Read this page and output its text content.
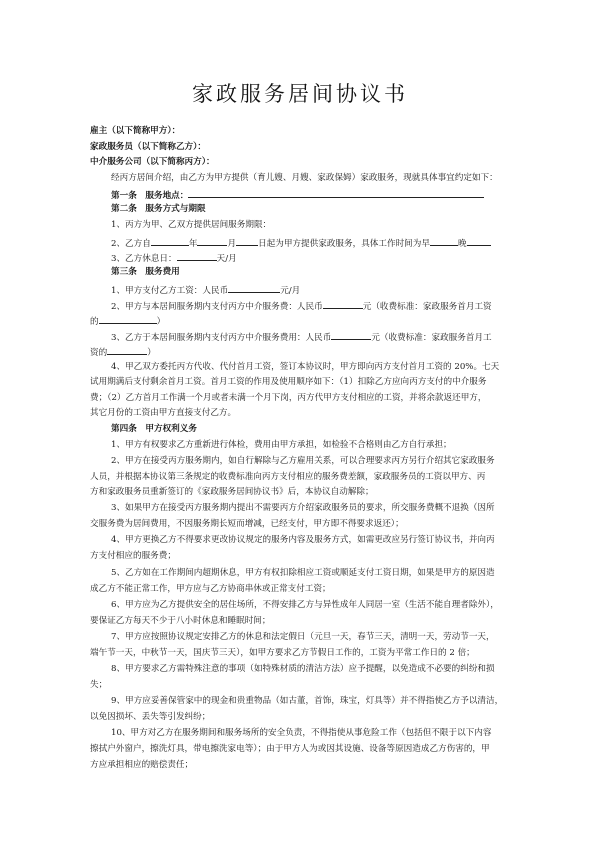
家政服务居间协议书
雇主（以下简称甲方）：
家政服务员（以下简称乙方）：
中介服务公司（以下简称丙方）：
经丙方居间介绍，由乙方为甲方提供（育儿嫂、月嫂、家政保姆）家政服务，现就具体事宜约定如下：
第一条　服务地点：
第二条　服务方式与期限
1、丙方为甲、乙双方提供居间服务期限：
2、乙方自	年	月	日起为甲方提供家政服务，具体工作时间为早	晚
3、乙方休息日：	天/月
第三条　服务费用
1、甲方支付乙方工资：人民币	元/月
2、甲方与本居间服务期内支付丙方中介服务费：人民币	元（收费标准：家政服务首月工资
的	）
3、乙方于本居间服务期内支付丙方中介服务费用：人民币	元（收费标准：家政服务首月工
资的	）
4、甲乙双方委托丙方代收、代付首月工资，签订本协议时，甲方即向丙方支付首月工资的 20%。七天
试用期满后支付剩余首月工资。首月工资的作用及使用顺序如下：（1）扣除乙方应向丙方支付的中介服务
费；（2）乙方首月工作满一个月或者未满一个月下岗，丙方代甲方支付相应的工资，并将余款返还甲方，
其它月份的工资由甲方直接支付乙方。
第四条　甲方权利义务
1、甲方有权要求乙方重新进行体检，费用由甲方承担，如检验不合格则由乙方自行承担；
2、甲方在接受丙方服务期内，如自行解除与乙方雇用关系，可以合理要求丙方另行介绍其它家政服务
人员，并根据本协议第三条规定的收费标准向丙方支付相应的服务费差额，家政服务员的工资以甲方、丙
方和家政服务员重新签订的《家政服务居间协议书》后，本协议自动解除；
3、如果甲方在接受丙方服务期内提出不需要丙方介绍家政服务员的要求，所交服务费概不退换（因所
交服务费为居间费用，不因服务期长短而增减，已经支付，甲方即不得要求返还）；
4、甲方更换乙方不得要求更改协议规定的服务内容及服务方式，如需更改应另行签订协议书，并向丙
方支付相应的服务费；
5、乙方如在工作期间内超期休息，甲方有权扣除相应工资或顺延支付工资日期，如果是甲方的原因造
成乙方不能正常工作，甲方应与乙方协商串休或正常支付工资；
6、甲方应为乙方提供安全的居住场所，不得安排乙方与异性成年人同居一室（生活不能自理者除外），
要保证乙方每天不少于八小时休息和睡眠时间；
7、甲方应按照协议规定安排乙方的休息和法定假日（元旦一天，春节三天，清明一天，劳动节一天，
端午节一天，中秋节一天，国庆节三天），如甲方要求乙方节假日工作的，工资为平常工作日的 2 倍；
8、甲方要求乙方需特殊注意的事项（如特殊材质的清洁方法）应予提醒，以免造成不必要的纠纷和损
失；
9、甲方应妥善保管家中的现金和贵重物品（如古董，首饰，珠宝，灯具等）并不得指使乙方予以清洁，
以免因损坏、丢失等引发纠纷；
10、甲方对乙方在服务期间和服务场所的安全负责，不得指使从事危险工作（包括但不限于以下内容
擦拭户外窗户，擦洗灯具，带电擦洗家电等）；由于甲方人为或因其设施、设备等原因造成乙方伤害的，甲
方应承担相应的赔偿责任；
